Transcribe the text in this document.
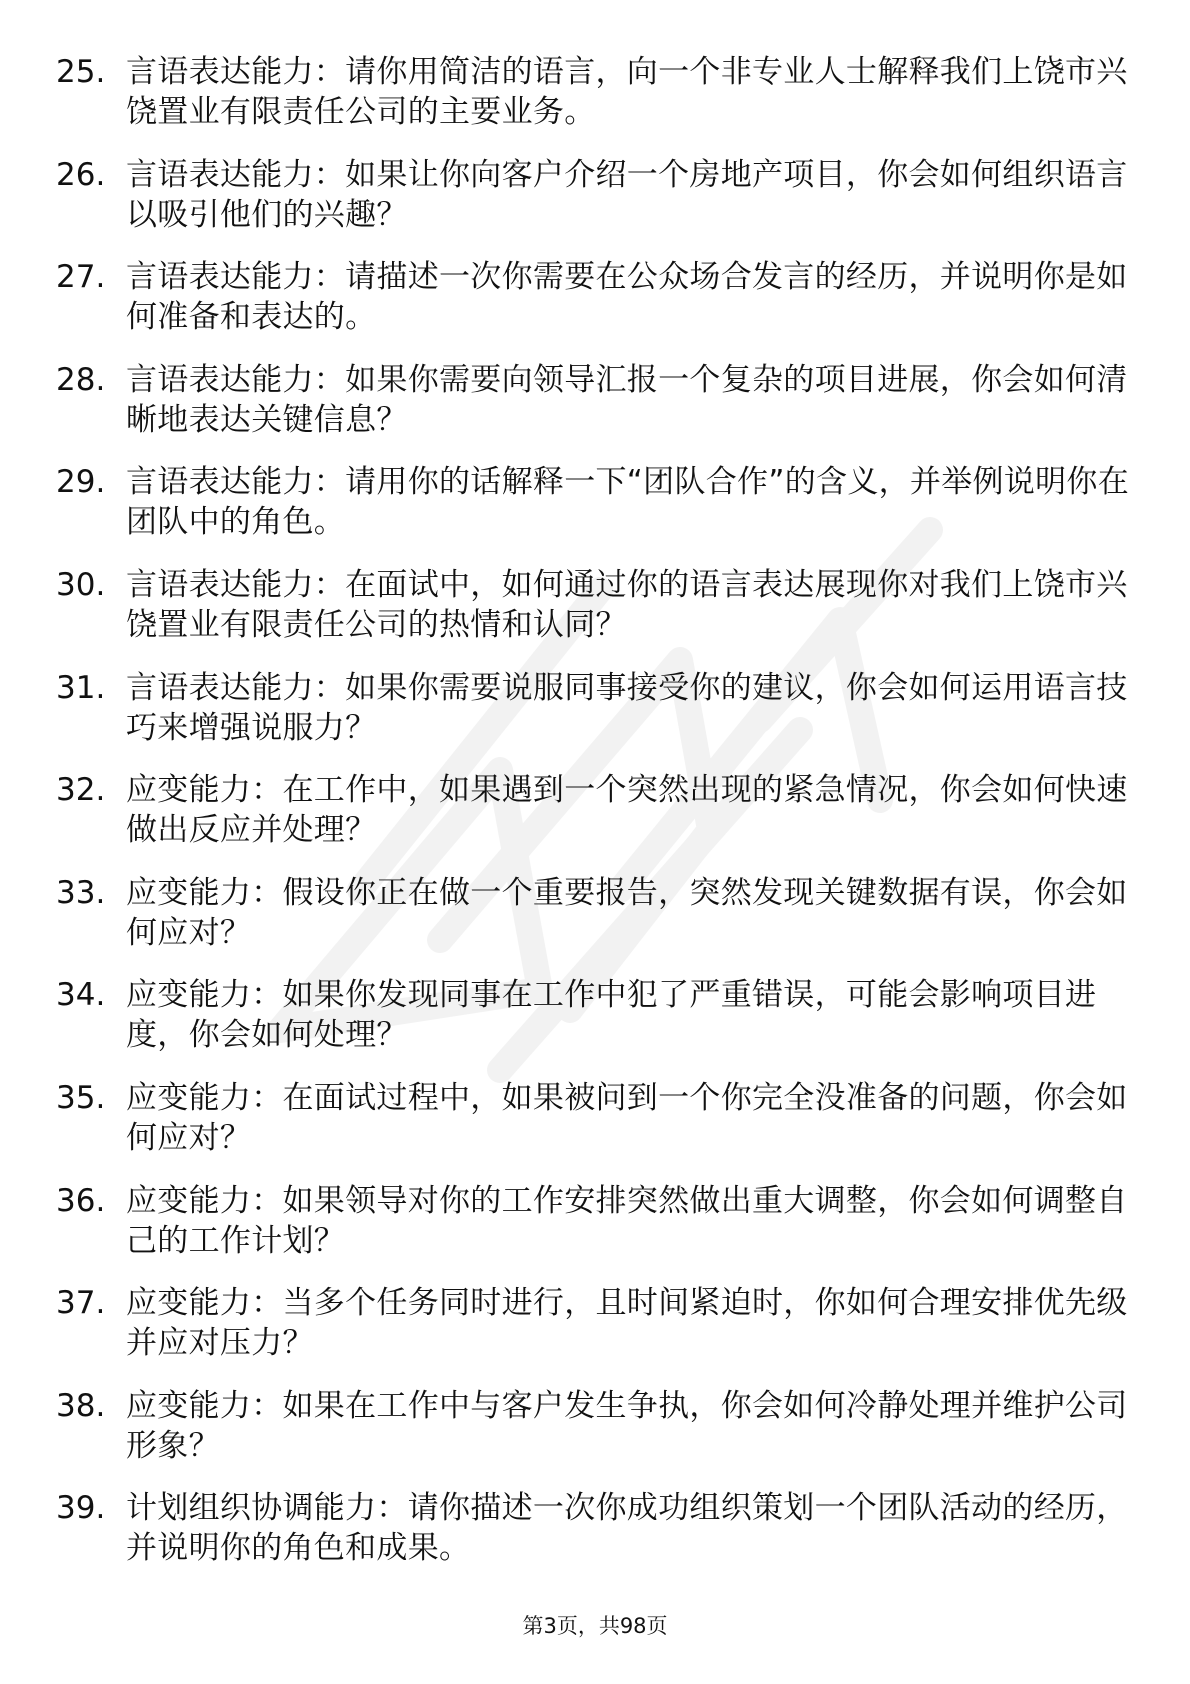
25. 言语表达能力：请你用简洁的语言，向一个非专业人士解释我们上饶市兴饶置业有限责任公司的主要业务。
26. 言语表达能力：如果让你向客户介绍一个房地产项目，你会如何组织语言以吸引他们的兴趣？
27. 言语表达能力：请描述一次你需要在公众场合发言的经历，并说明你是如何准备和表达的。
28. 言语表达能力：如果你需要向领导汇报一个复杂的项目进展，你会如何清晰地表达关键信息？
29. 言语表达能力：请用你的话解释一下“团队合作”的含义，并举例说明你在团队中的角色。
30. 言语表达能力：在面试中，如何通过你的语言表达展现你对我们上饶市兴饶置业有限责任公司的热情和认同？
31. 言语表达能力：如果你需要说服同事接受你的建议，你会如何运用语言技巧来增强说服力？
32. 应变能力：在工作中，如果遇到一个突然出现的紧急情况，你会如何快速做出反应并处理？
33. 应变能力：假设你正在做一个重要报告，突然发现关键数据有误，你会如何应对？
34. 应变能力：如果你发现同事在工作中犯了严重错误，可能会影响项目进度，你会如何处理？
35. 应变能力：在面试过程中，如果被问到一个你完全没准备的问题，你会如何应对？
36. 应变能力：如果领导对你的工作安排突然做出重大调整，你会如何调整自己的工作计划？
37. 应变能力：当多个任务同时进行，且时间紧迫时，你如何合理安排优先级并应对压力？
38. 应变能力：如果在工作中与客户发生争执，你会如何冷静处理并维护公司形象？
39. 计划组织协调能力：请你描述一次你成功组织策划一个团队活动的经历，并说明你的角色和成果。
第3页，共98页
